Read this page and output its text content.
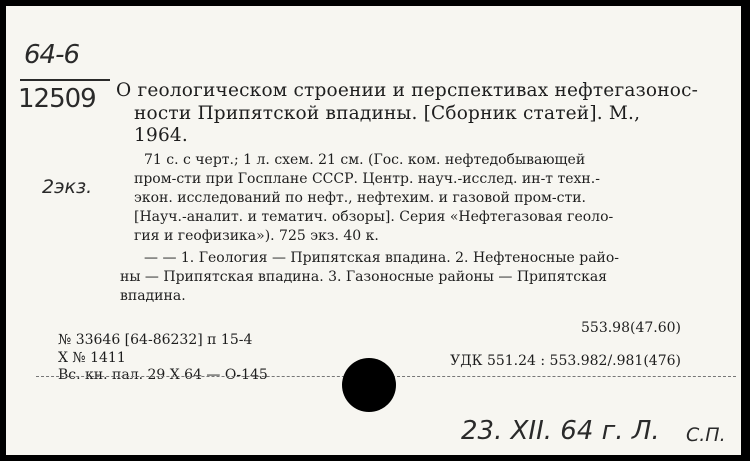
64-6
12509
2экз.
О геологическом строении и перспективах нефтегазонос-
ности Припятской впадины. [Сборник статей]. М.,
1964.
71 с. с черт.; 1 л. схем. 21 см. (Гос. ком. нефтедобывающей
пром-сти при Госплане СССР. Центр. науч.-исслед. ин-т техн.-
экон. исследований по нефт., нефтехим. и газовой пром-сти.
[Науч.-аналит. и тематич. обзоры]. Серия «Нефтегазовая геоло-
гия и геофизика»). 725 экз. 40 к.
— — 1. Геология — Припятская впадина. 2. Нефтеносные райо-
ны — Припятская впадина. 3. Газоносные районы — Припятская
впадина.
553.98(47.60)
№ 33646 [64-86232] п 15-4
Х № 1411
Вс. кн. пал. 29 Х 64 — О-145
УДК 551.24 : 553.982/.981(476)
23. XII. 64 г. Л. С.П.
